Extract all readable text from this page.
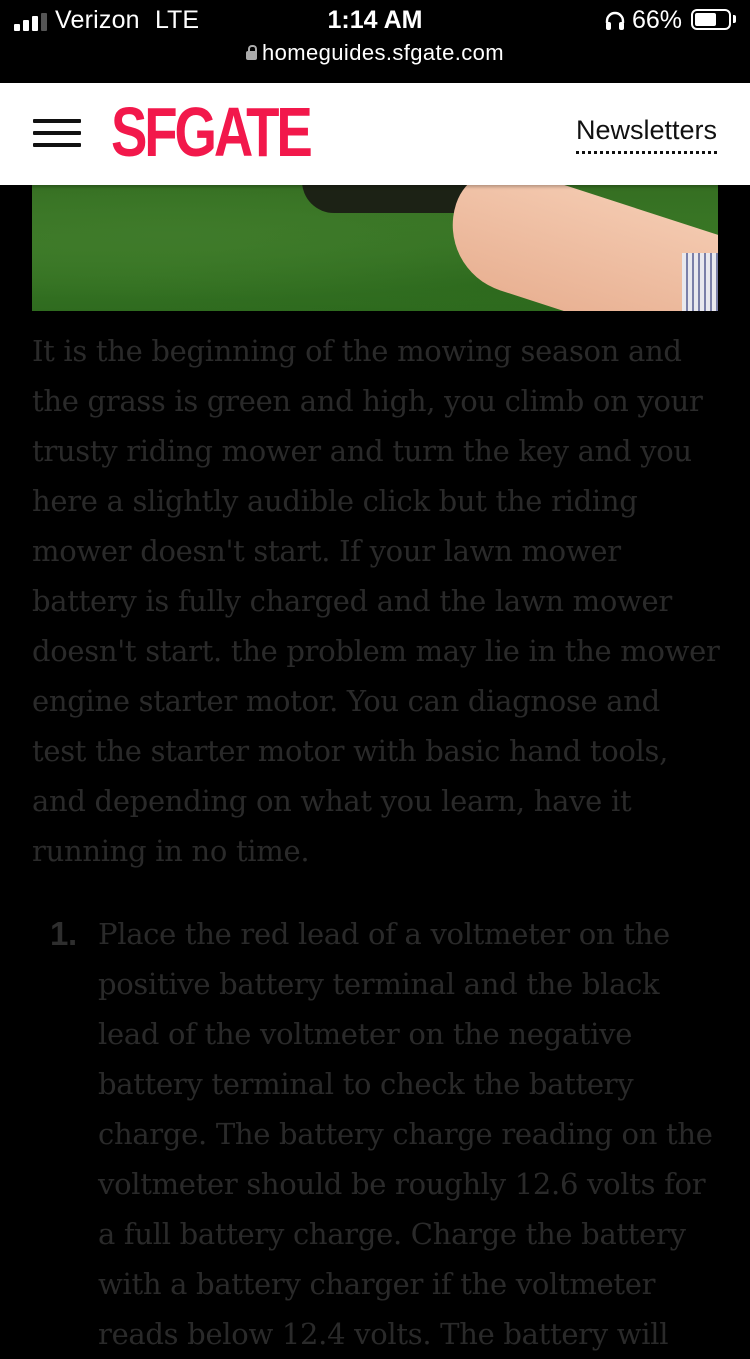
Verizon LTE	1:14 AM	66%
homeguides.sfgate.com
SFGATE	Newsletters

It is the beginning of the mowing season and the grass is green and high, you climb on your trusty riding mower and turn the key and you here a slightly audible click but the riding mower doesn't start. If your lawn mower battery is fully charged and the lawn mower doesn't start. the problem may lie in the mower engine starter motor. You can diagnose and test the starter motor with basic hand tools, and depending on what you learn, have it running in no time.

1. Place the red lead of a voltmeter on the positive battery terminal and the black lead of the voltmeter on the negative battery terminal to check the battery charge. The battery charge reading on the voltmeter should be roughly 12.6 volts for a full battery charge. Charge the battery with a battery charger if the voltmeter reads below 12.4 volts. The battery will
